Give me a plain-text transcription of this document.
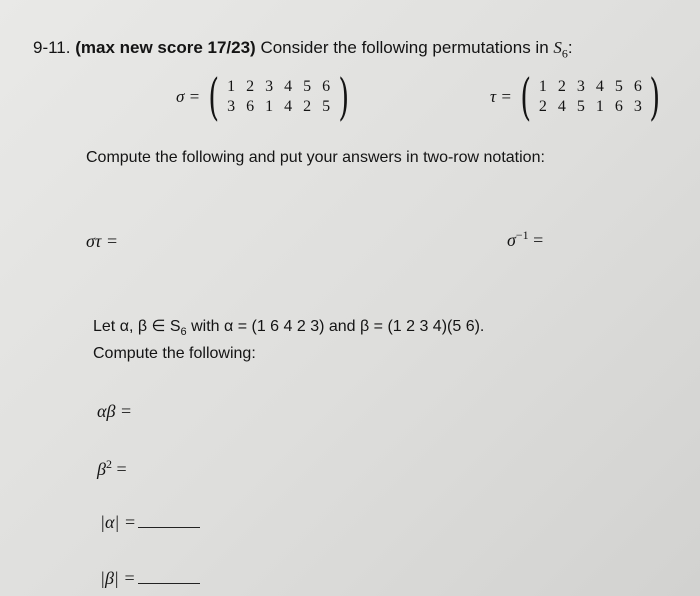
9-11. (max new score 17/23) Consider the following permutations in $S_6$:
σ = ( 1 2 3 4 5 6
3 6 1 4 2 5 )	τ = ( 1 2 3 4 5 6
2 4 5 1 6 3 )
Compute the following and put your answers in two-row notation:
στ =	$\sigma^{-1}$ =
Let α, β ∈ $S_6$ with α = (1 6 4 2 3) and β = (1 2 3 4)(5 6).
Compute the following:
αβ =
$\beta^2$ =
|α| =
|β| =
